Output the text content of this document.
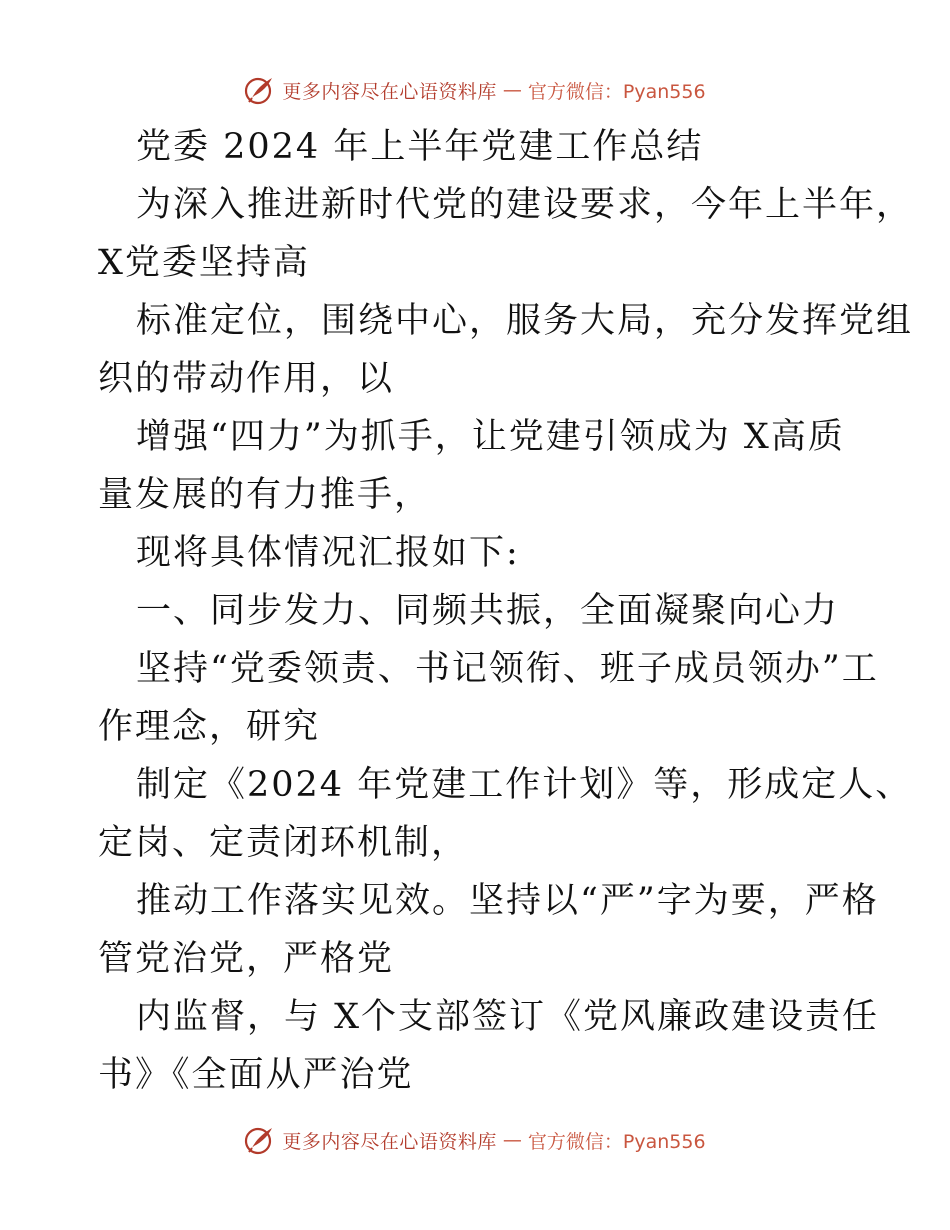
更多内容尽在心语资料库 — 官方微信：Pyan556
党委 2024 年上半年党建工作总结
为深入推进新时代党的建设要求，今年上半年，
X党委坚持高
标准定位，围绕中心，服务大局，充分发挥党组
织的带动作用，以
增强“四力”为抓手，让党建引领成为 X高质
量发展的有力推手，
现将具体情况汇报如下:
一、同步发力、同频共振，全面凝聚向心力
坚持“党委领责、书记领衔、班子成员领办”工
作理念，研究
制定《2024 年党建工作计划》等，形成定人、
定岗、定责闭环机制，
推动工作落实见效。坚持以“严”字为要，严格
管党治党，严格党
内监督，与 X个支部签订《党风廉政建设责任
书》《全面从严治党
更多内容尽在心语资料库 — 官方微信：Pyan556
